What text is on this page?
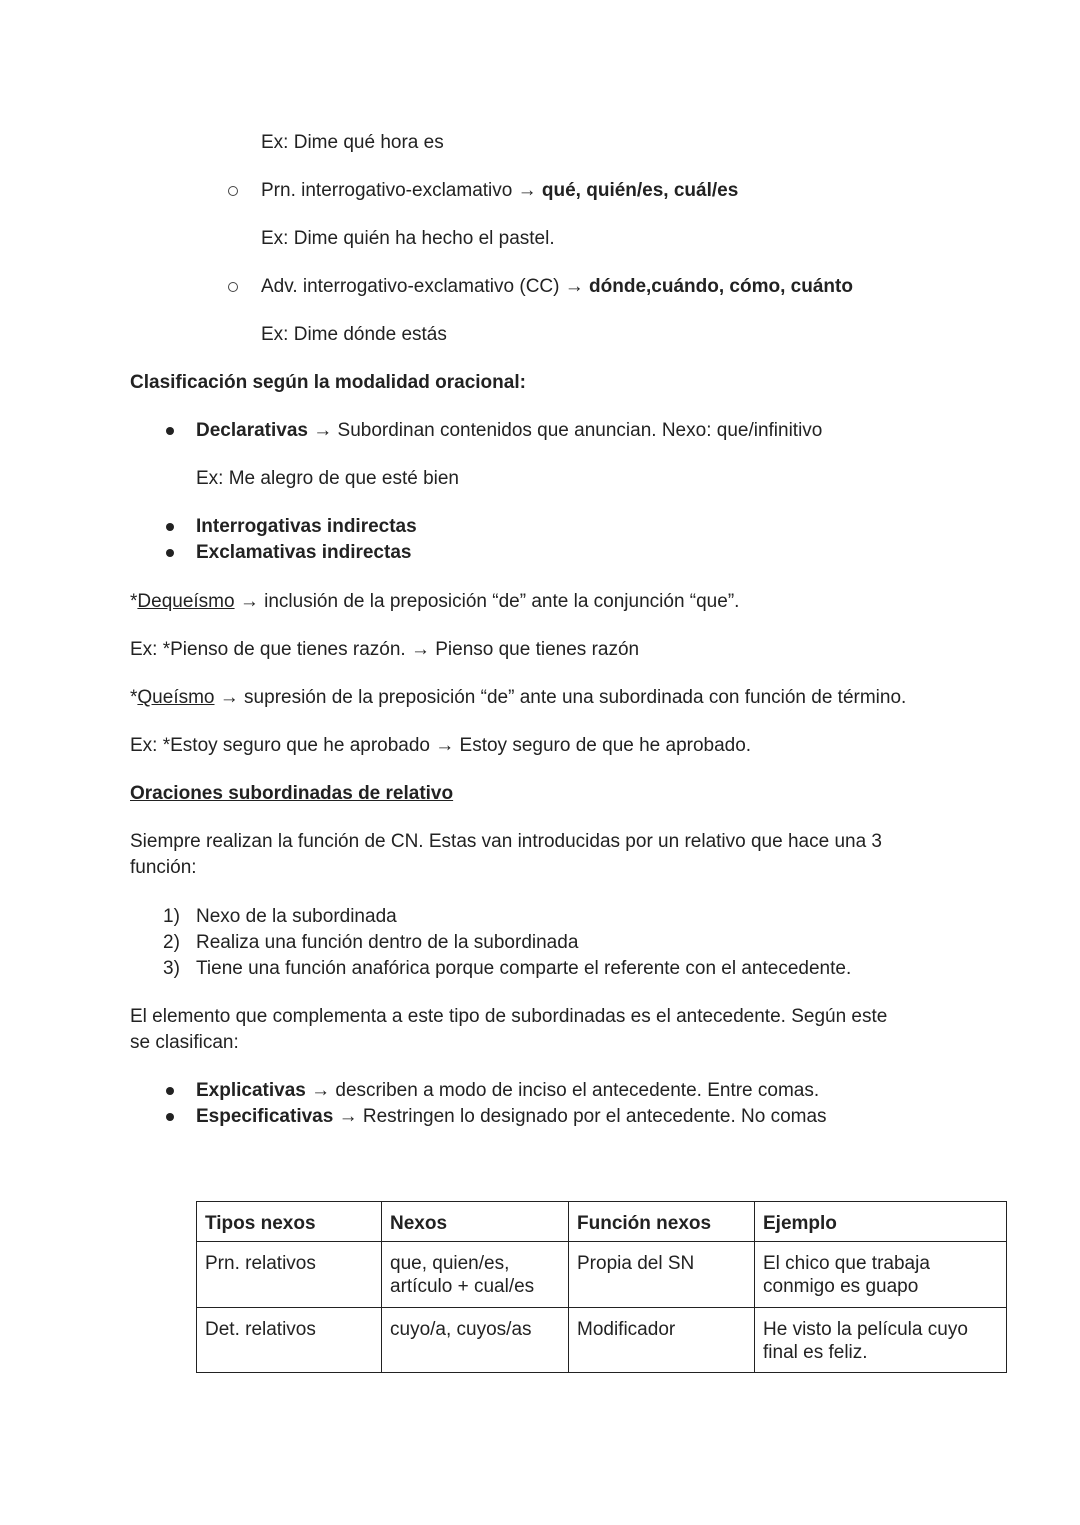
Ex: Dime qué hora es
Prn. interrogativo-exclamativo → qué, quién/es, cuál/es
Ex: Dime quién ha hecho el pastel.
Adv. interrogativo-exclamativo (CC) → dónde,cuándo, cómo, cuánto
Ex: Dime dónde estás
Clasificación según la modalidad oracional:
Declarativas → Subordinan contenidos que anuncian. Nexo: que/infinitivo
Ex: Me alegro de que esté bien
Interrogativas indirectas
Exclamativas indirectas
*Dequeísmo → inclusión de la preposición “de” ante la conjunción “que”.
Ex: *Pienso de que tienes razón. → Pienso que tienes razón
*Queísmo → supresión de la preposición “de” ante una subordinada con función de término.
Ex: *Estoy seguro que he aprobado → Estoy seguro de que he aprobado.
Oraciones subordinadas de relativo
Siempre realizan la función de CN. Estas van introducidas por un relativo que hace una 3
función:
1) Nexo de la subordinada
2) Realiza una función dentro de la subordinada
3) Tiene una función anafórica porque comparte el referente con el antecedente.
El elemento que complementa a este tipo de subordinadas es el antecedente. Según este
se clasifican:
Explicativas → describen a modo de inciso el antecedente. Entre comas.
Especificativas → Restringen lo designado por el antecedente. No comas
Tipos nexos	Nexos	Función nexos	Ejemplo
Prn. relativos	que, quien/es,
artículo + cual/es	Propia del SN	El chico que trabaja
conmigo es guapo
Det. relativos	cuyo/a, cuyos/as	Modificador	He visto la película cuyo
final es feliz.
